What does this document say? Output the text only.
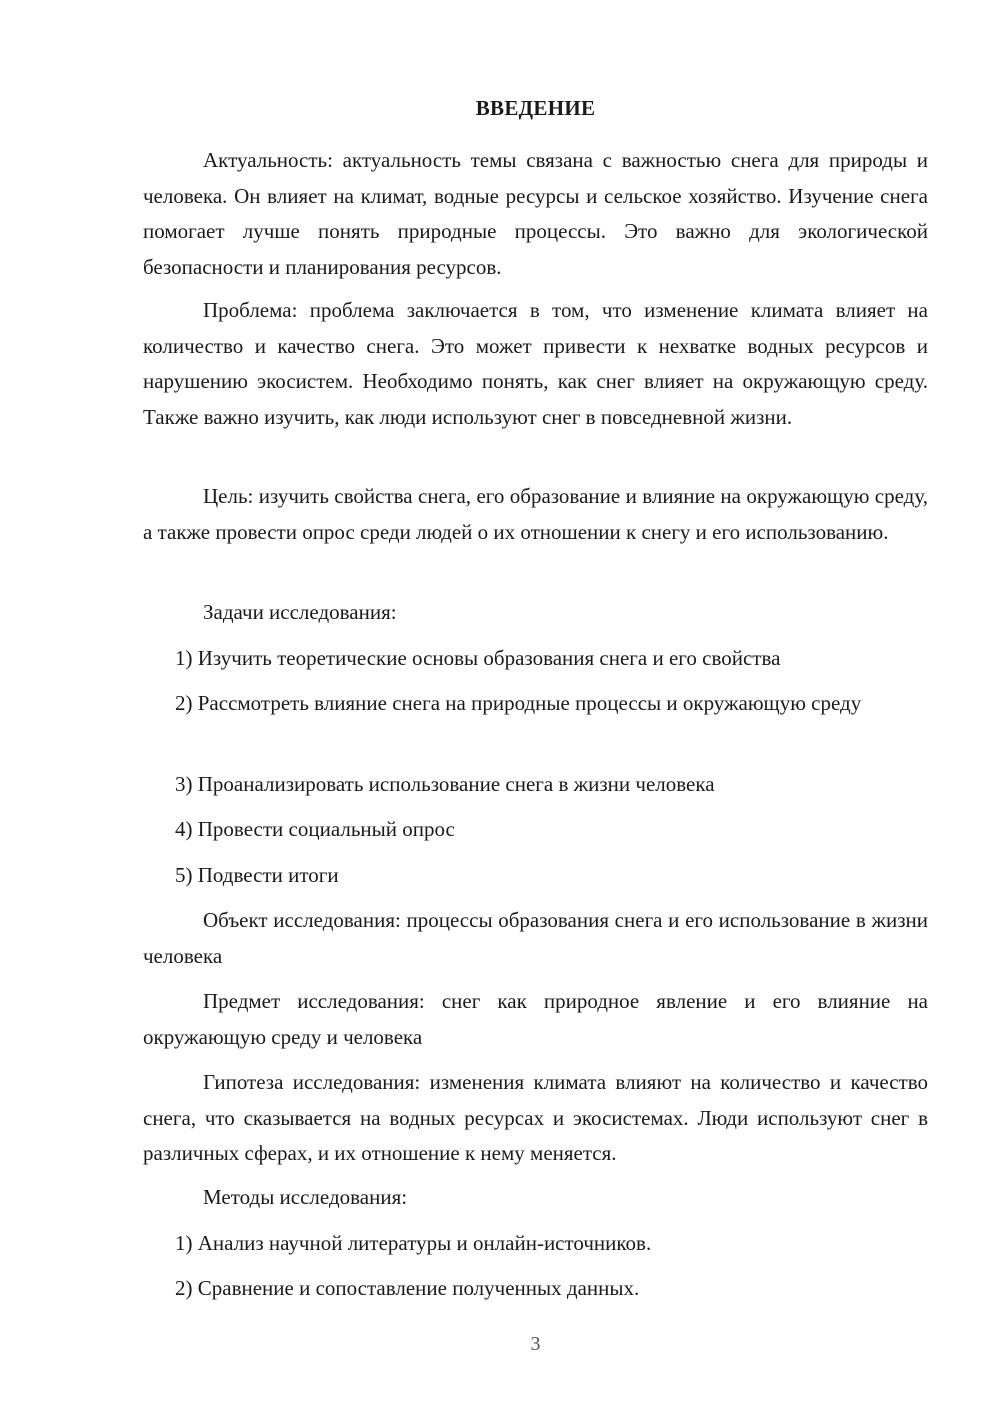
ВВЕДЕНИЕ

Актуальность: актуальность темы связана с важностью снега для природы и человека. Он влияет на климат, водные ресурсы и сельское хозяйство. Изучение снега помогает лучше понять природные процессы. Это важно для экологической безопасности и планирования ресурсов.

Проблема: проблема заключается в том, что изменение климата влияет на количество и качество снега. Это может привести к нехватке водных ресурсов и нарушению экосистем. Необходимо понять, как снег влияет на окружающую среду. Также важно изучить, как люди используют снег в повседневной жизни.

Цель: изучить свойства снега, его образование и влияние на окружающую среду, а также провести опрос среди людей о их отношении к снегу и его использованию.

Задачи исследования:

1) Изучить теоретические основы образования снега и его свойства

2) Рассмотреть влияние снега на природные процессы и окружающую среду

3) Проанализировать использование снега в жизни человека

4) Провести социальный опрос

5) Подвести итоги

Объект исследования: процессы образования снега и его использование в жизни человека

Предмет исследования: снег как природное явление и его влияние на окружающую среду и человека

Гипотеза исследования: изменения климата влияют на количество и качество снега, что сказывается на водных ресурсах и экосистемах. Люди используют снег в различных сферах, и их отношение к нему меняется.

Методы исследования:

1) Анализ научной литературы и онлайн-источников.

2) Сравнение и сопоставление полученных данных.

3
